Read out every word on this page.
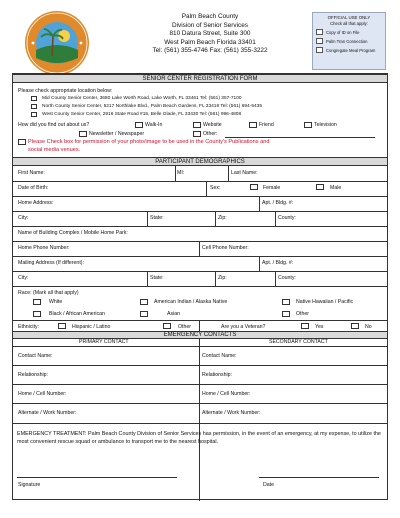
Palm Beach County
Division of Senior Services
810 Datura Street, Suite 300
West Palm Beach Florida 33401
Tel: (561) 355-4746 Fax: (561) 355-3222
OFFICIAL USE ONLY
Check all that apply:
Copy of ID on File
Palm Tran Connection
Congregate Meal Program
SENIOR CENTER REGISTRATION FORM
Please check appropriate location below:
Mid County Senior Center, 3680 Lake Worth Road, Lake Worth, FL 33461 Tel: (561) 357-7100
North County Senior Center, 5217 Northlake Blvd., Palm Beach Gardens, FL 33418 Tel: (561) 694-5435
West County Senior Center, 2916 State Road #15, Belle Glade, FL 33430 Tel: (561) 996-4808
How did you find out about us?	Walk-In	Website	Friend	Television
Newsletter / Newspaper	Other:
Please Check box for permission of your photo/image to be used in the County's Publications and
social media venues.
PARTICIPANT DEMOGRAPHICS
First Name:	MI:	Last Name:
Date of Birth:	Sex:	Female	Male
Home Address:	Apt. / Bldg. #:
City:	State:	Zip:	County:
Name of Building Complex / Mobile Home Park:
Home Phone Number:	Cell Phone Number:
Mailing Address (If different):	Apt. / Bldg. #:
City:	State:	Zip:	County:
Race: (Mark all that apply)
White	American Indian / Alaska Native	Native Hawaiian / Pacific
Black / African American	Asian	Other
Ethnicity:	Hispanic / Latino	Other	Are you a Veteran?	Yes	No
EMERGENCY CONTACTS
PRIMARY CONTACT	SECONDARY CONTACT
Contact Name:	Contact Name:
Relationship:	Relationship:
Home / Cell Number:	Home / Cell Number:
Alternate / Work Number:	Alternate / Work Number:
EMERGENCY TREATMENT: Palm Beach County Division of Senior Services has permission, in the event of an emergency, at my expense, to utilize the most convenient rescue squad or ambulance to transport me to the nearest hospital.
Signature	Date
